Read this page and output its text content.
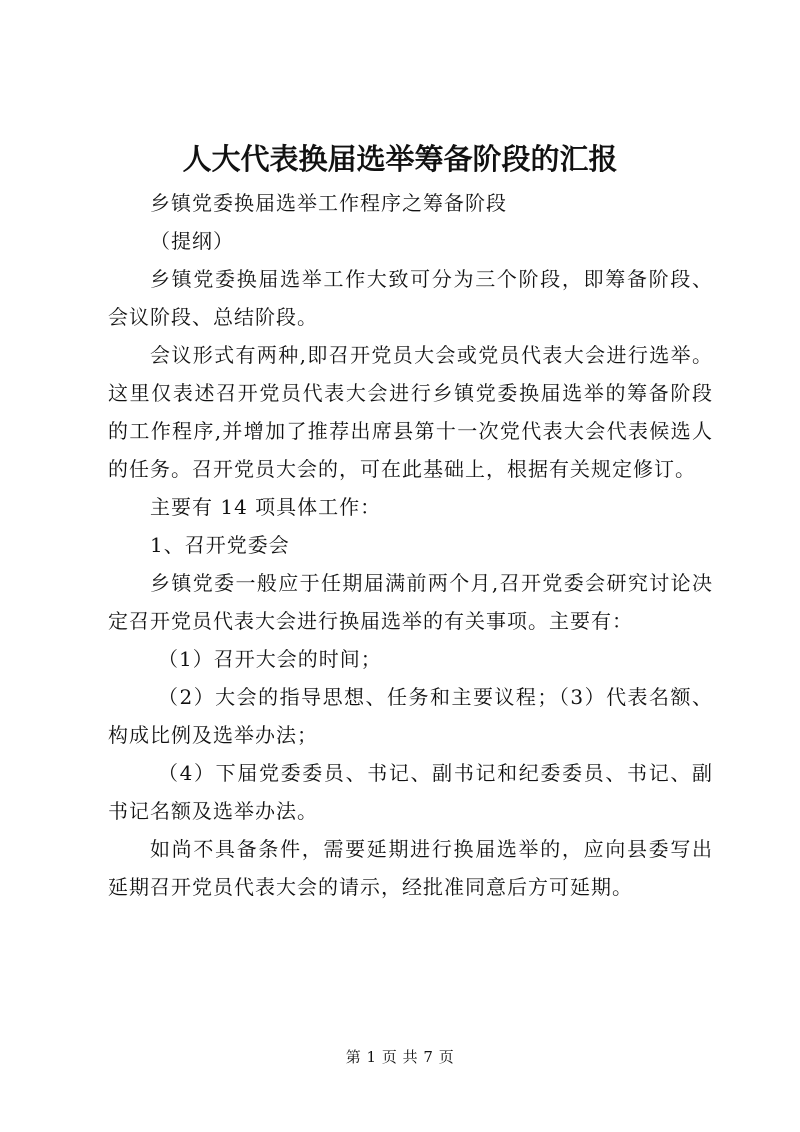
人大代表换届选举筹备阶段的汇报

乡镇党委换届选举工作程序之筹备阶段

（提纲）

乡镇党委换届选举工作大致可分为三个阶段，即筹备阶段、会议阶段、总结阶段。

会议形式有两种,即召开党员大会或党员代表大会进行选举。这里仅表述召开党员代表大会进行乡镇党委换届选举的筹备阶段的工作程序,并增加了推荐出席县第十一次党代表大会代表候选人的任务。召开党员大会的，可在此基础上，根据有关规定修订。

主要有 14 项具体工作：

1、召开党委会

乡镇党委一般应于任期届满前两个月,召开党委会研究讨论决定召开党员代表大会进行换届选举的有关事项。主要有：

（1）召开大会的时间；

（2）大会的指导思想、任务和主要议程；（3）代表名额、构成比例及选举办法；

（4）下届党委委员、书记、副书记和纪委委员、书记、副书记名额及选举办法。

如尚不具备条件，需要延期进行换届选举的，应向县委写出延期召开党员代表大会的请示，经批准同意后方可延期。

第 1 页 共 7 页
